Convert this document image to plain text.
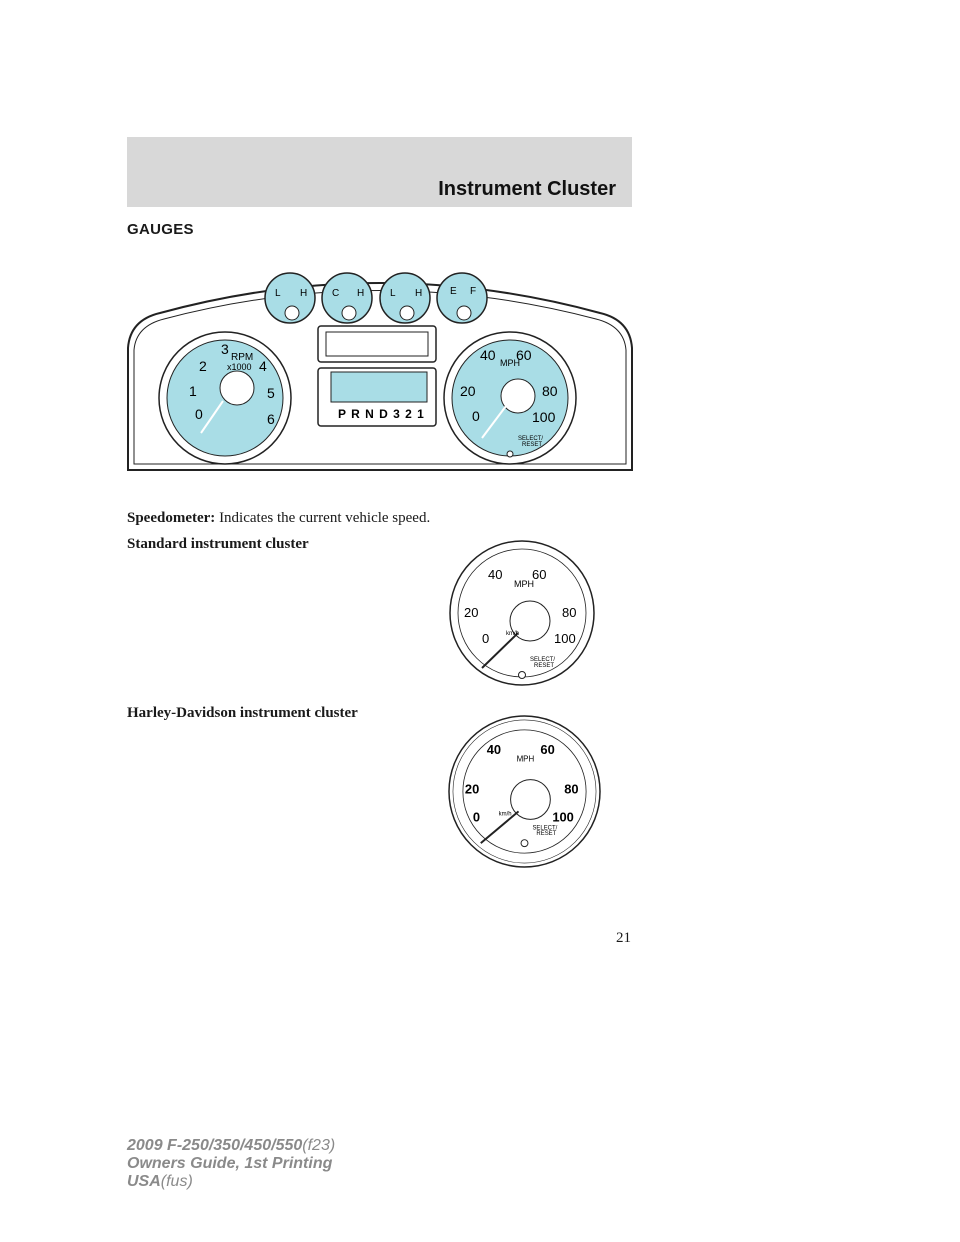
Instrument Cluster
GAUGES
L H C H	L H	E F
RPM
x1000
0
1
2
3
4
5
6	P R N D 3 2 1
MPH
0
20
40 60
80
100
SELECT/
RESET
Speedometer: Indicates the current vehicle speed.
Standard instrument cluster
MPH
0
20
40 60
80
100
km/h
SELECT/
RESET
Harley-Davidson instrument cluster
MPH
0
20
40	60
80
100
km/h
SELECT/
RESET
21
2009 F-250/350/450/550(f23)
Owners Guide, 1st Printing
USA(fus)
